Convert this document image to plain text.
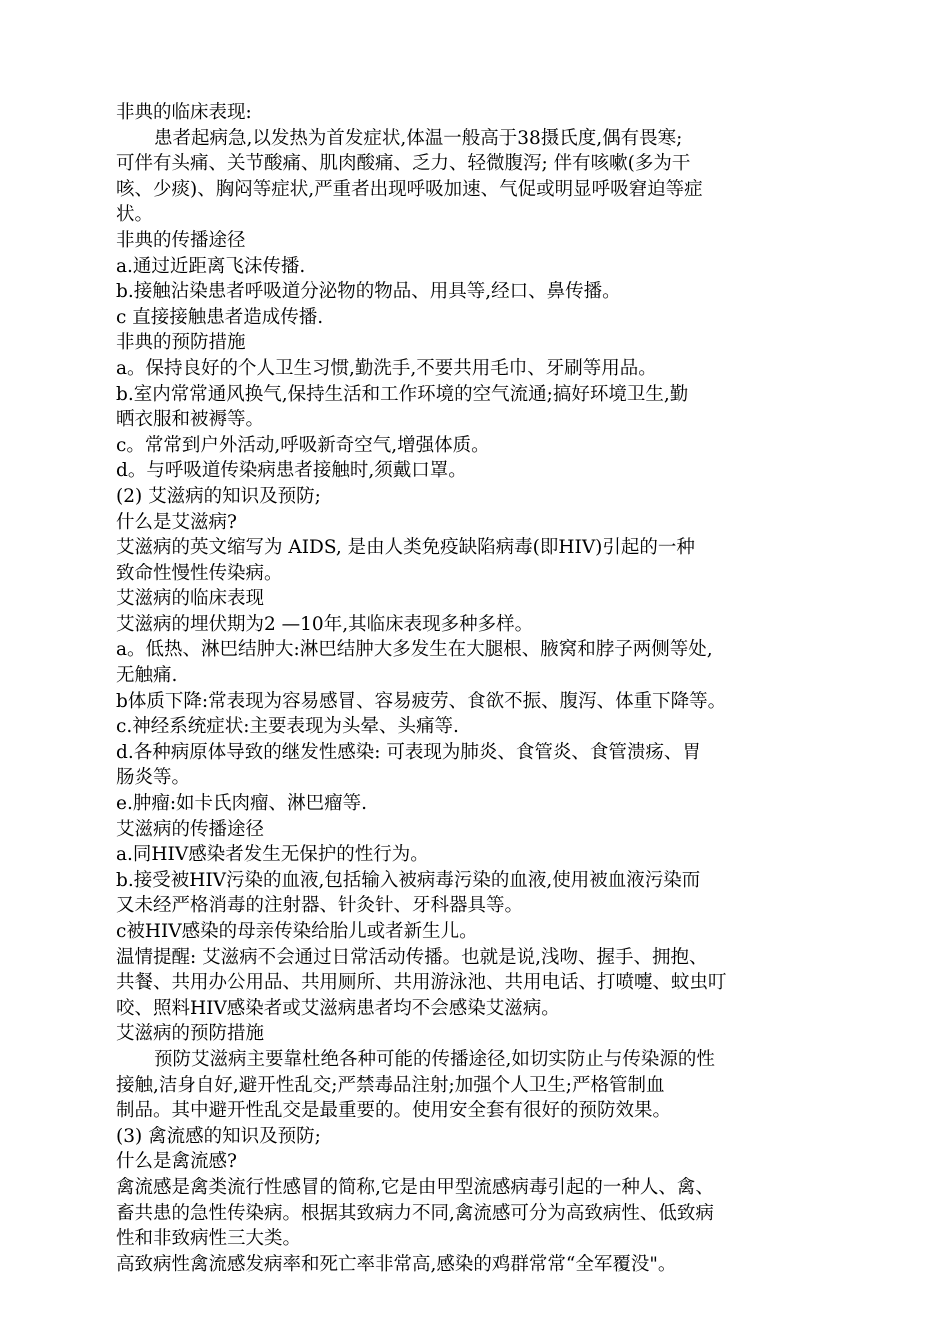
非典的临床表现:
患者起病急,以发热为首发症状,体温一般高于38摄氏度,偶有畏寒;
可伴有头痛、关节酸痛、肌肉酸痛、乏力、轻微腹泻; 伴有咳嗽(多为干
咳、少痰)、胸闷等症状,严重者出现呼吸加速、气促或明显呼吸窘迫等症
状。
非典的传播途径
a.通过近距离飞沫传播.
b.接触沾染患者呼吸道分泌物的物品、用具等,经口、鼻传播。
c 直接接触患者造成传播.
非典的预防措施
a。保持良好的个人卫生习惯,勤洗手,不要共用毛巾、牙刷等用品。
b.室内常常通风换气,保持生活和工作环境的空气流通;搞好环境卫生,勤
晒衣服和被褥等。
c。常常到户外活动,呼吸新奇空气,增强体质。
d。与呼吸道传染病患者接触时,须戴口罩。
(2) 艾滋病的知识及预防;
什么是艾滋病?
艾滋病的英文缩写为 AIDS, 是由人类免疫缺陷病毒(即HIV)引起的一种
致命性慢性传染病。
艾滋病的临床表现
艾滋病的埋伏期为2 —10年,其临床表现多种多样。
a。低热、淋巴结肿大:淋巴结肿大多发生在大腿根、腋窝和脖子两侧等处,
无触痛.
b体质下降:常表现为容易感冒、容易疲劳、食欲不振、腹泻、体重下降等。
c.神经系统症状:主要表现为头晕、头痛等.
d.各种病原体导致的继发性感染: 可表现为肺炎、食管炎、食管溃疡、胃
肠炎等。
e.肿瘤:如卡氏肉瘤、淋巴瘤等.
艾滋病的传播途径
a.同HIV感染者发生无保护的性行为。
b.接受被HIV污染的血液,包括输入被病毒污染的血液,使用被血液污染而
又未经严格消毒的注射器、针灸针、牙科器具等。
c被HIV感染的母亲传染给胎儿或者新生儿。
温情提醒: 艾滋病不会通过日常活动传播。也就是说,浅吻、握手、拥抱、
共餐、共用办公用品、共用厕所、共用游泳池、共用电话、打喷嚏、蚊虫叮
咬、照料HIV感染者或艾滋病患者均不会感染艾滋病。
艾滋病的预防措施
预防艾滋病主要靠杜绝各种可能的传播途径,如切实防止与传染源的性
接触,洁身自好,避开性乱交;严禁毒品注射;加强个人卫生;严格管制血
制品。其中避开性乱交是最重要的。使用安全套有很好的预防效果。
(3) 禽流感的知识及预防;
什么是禽流感?
禽流感是禽类流行性感冒的简称,它是由甲型流感病毒引起的一种人、禽、
畜共患的急性传染病。根据其致病力不同,禽流感可分为高致病性、低致病
性和非致病性三大类。
高致病性禽流感发病率和死亡率非常高,感染的鸡群常常“全军覆没"。
